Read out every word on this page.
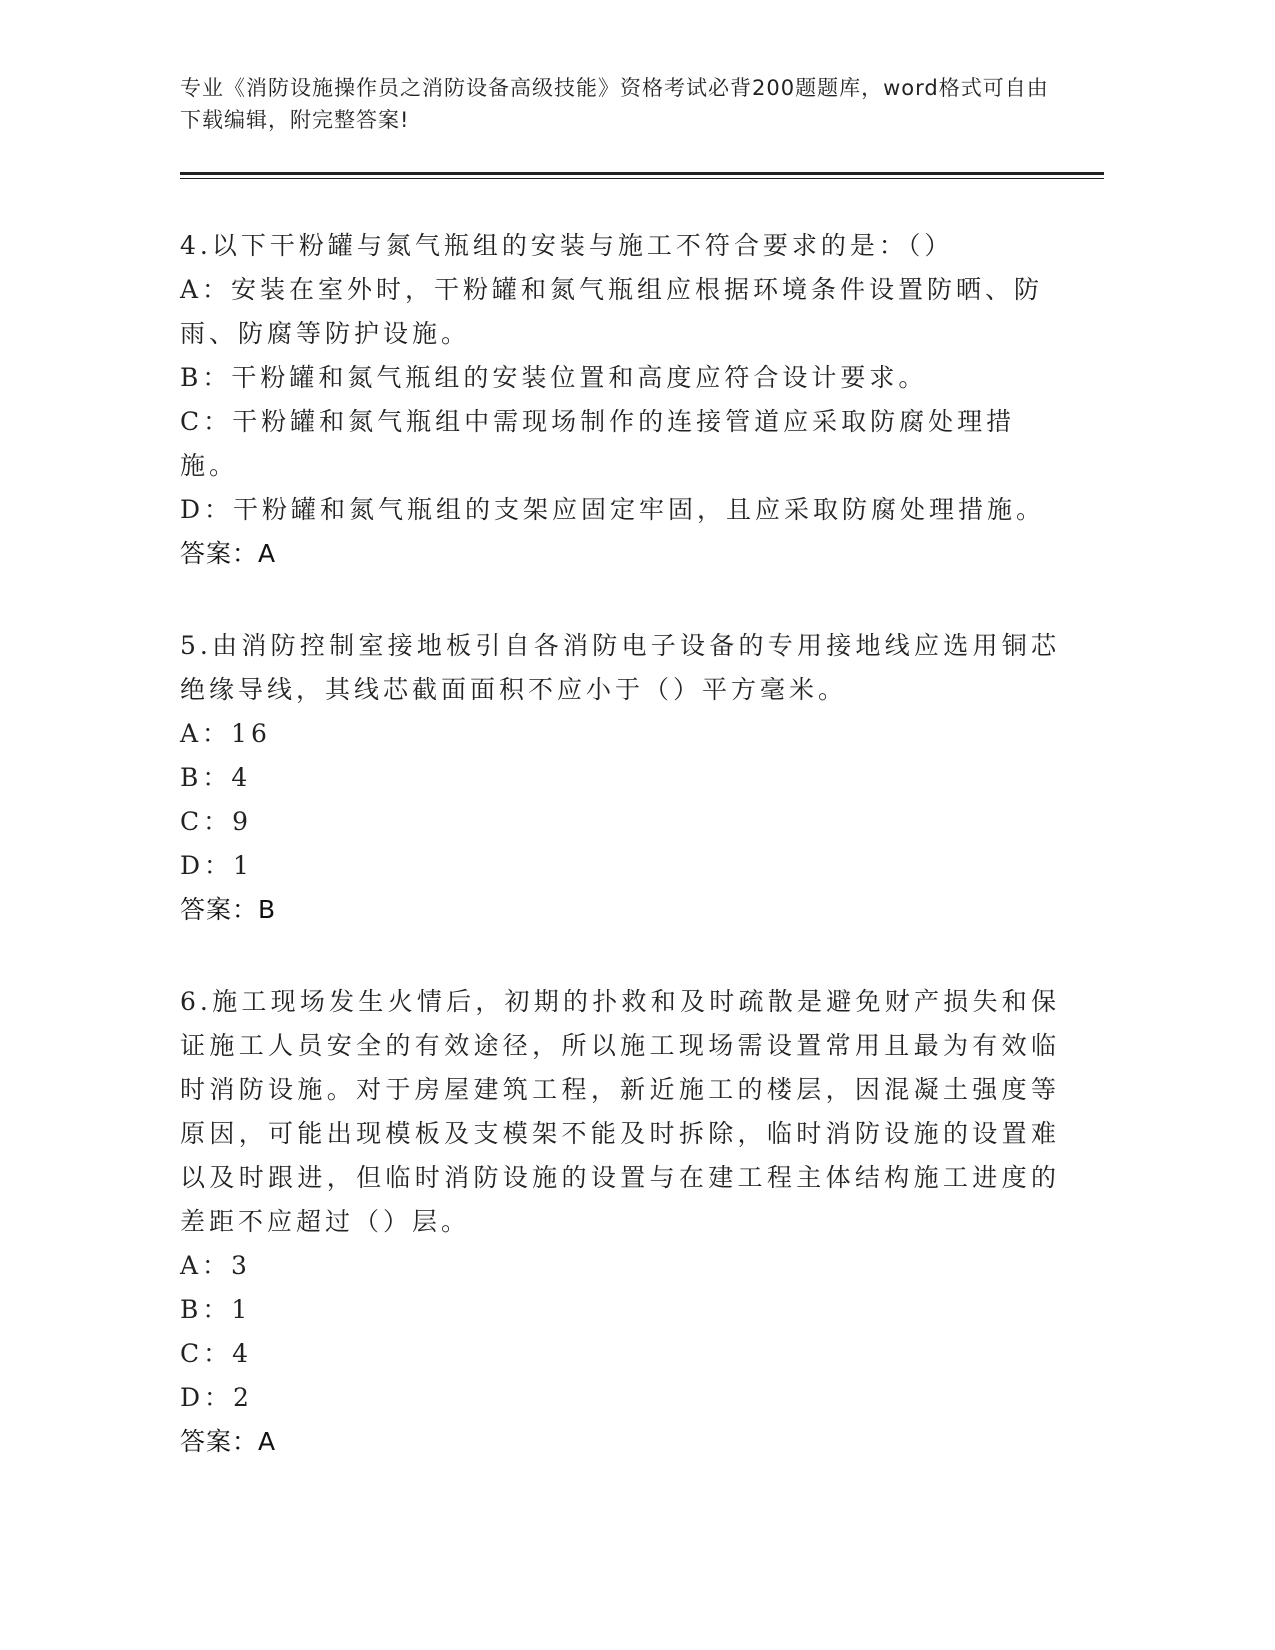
专业《消防设施操作员之消防设备高级技能》资格考试必背200题题库，word格式可自由下载编辑，附完整答案!
4.以下干粉罐与氮气瓶组的安装与施工不符合要求的是：（）
A：安装在室外时，干粉罐和氮气瓶组应根据环境条件设置防晒、防雨、防腐等防护设施。
B：干粉罐和氮气瓶组的安装位置和高度应符合设计要求。
C：干粉罐和氮气瓶组中需现场制作的连接管道应采取防腐处理措施。
D：干粉罐和氮气瓶组的支架应固定牢固，且应采取防腐处理措施。
答案：A
5.由消防控制室接地板引自各消防电子设备的专用接地线应选用铜芯绝缘导线，其线芯截面面积不应小于（）平方毫米。
A：16
B：4
C：9
D：1
答案：B
6.施工现场发生火情后，初期的扑救和及时疏散是避免财产损失和保证施工人员安全的有效途径，所以施工现场需设置常用且最为有效临时消防设施。对于房屋建筑工程，新近施工的楼层，因混凝土强度等原因，可能出现模板及支模架不能及时拆除，临时消防设施的设置难以及时跟进，但临时消防设施的设置与在建工程主体结构施工进度的差距不应超过（）层。
A：3
B：1
C：4
D：2
答案：A
